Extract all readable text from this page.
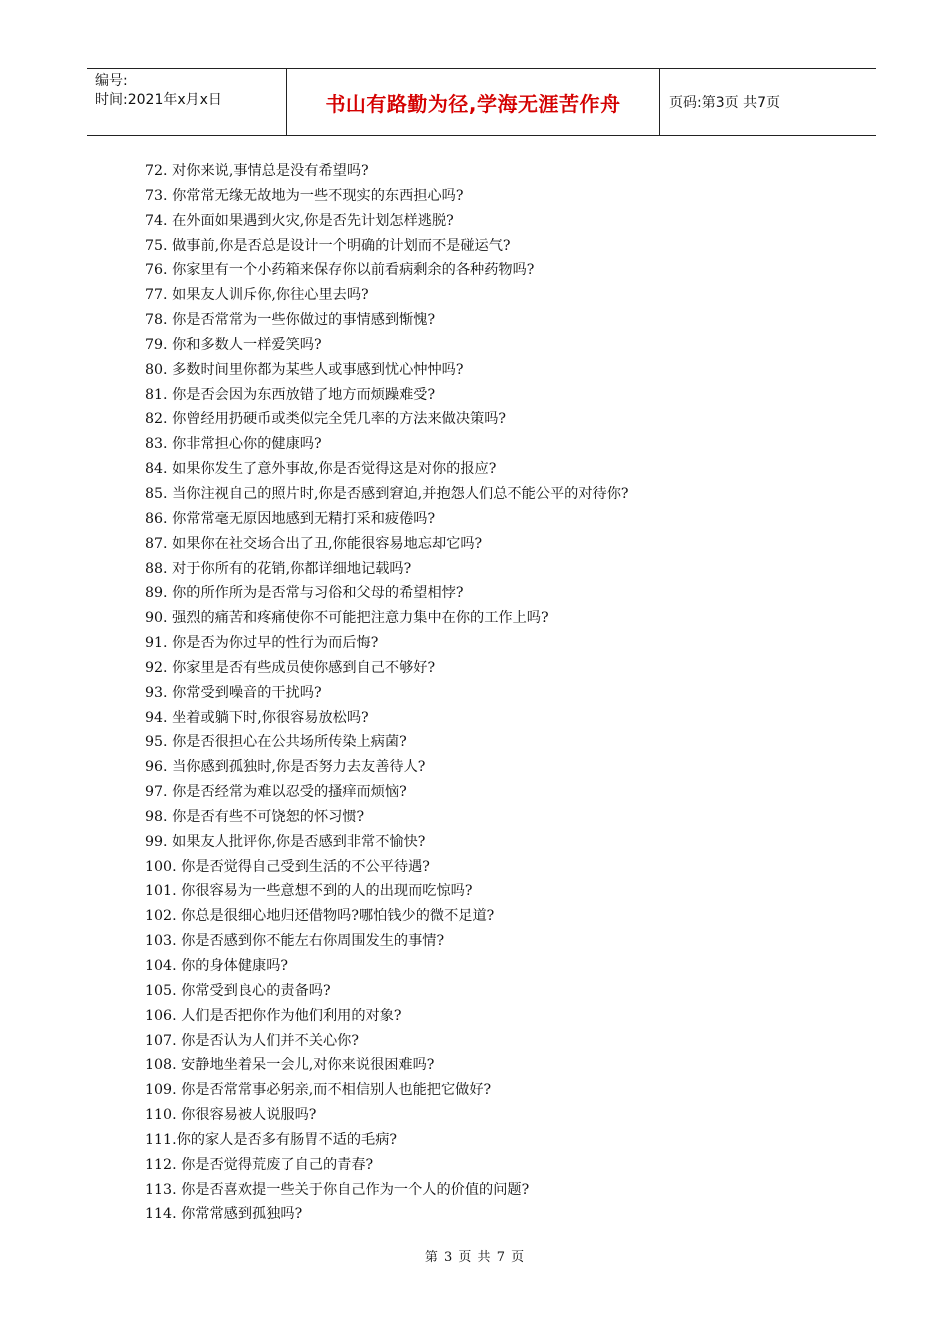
编号:
时间:2021年x月x日	书山有路勤为径,学海无涯苦作舟	页码:第3页 共7页
72. 对你来说,事情总是没有希望吗?
73. 你常常无缘无故地为一些不现实的东西担心吗?
74. 在外面如果遇到火灾,你是否先计划怎样逃脱?
75. 做事前,你是否总是设计一个明确的计划而不是碰运气?
76. 你家里有一个小药箱来保存你以前看病剩余的各种药物吗?
77. 如果友人训斥你,你往心里去吗?
78. 你是否常常为一些你做过的事情感到惭愧?
79. 你和多数人一样爱笑吗?
80. 多数时间里你都为某些人或事感到忧心忡忡吗?
81. 你是否会因为东西放错了地方而烦躁难受?
82. 你曾经用扔硬币或类似完全凭几率的方法来做决策吗?
83. 你非常担心你的健康吗?
84. 如果你发生了意外事故,你是否觉得这是对你的报应?
85. 当你注视自己的照片时,你是否感到窘迫,并抱怨人们总不能公平的对待你?
86. 你常常毫无原因地感到无精打采和疲倦吗?
87. 如果你在社交场合出了丑,你能很容易地忘却它吗?
88. 对于你所有的花销,你都详细地记载吗?
89. 你的所作所为是否常与习俗和父母的希望相悖?
90. 强烈的痛苦和疼痛使你不可能把注意力集中在你的工作上吗?
91. 你是否为你过早的性行为而后悔?
92. 你家里是否有些成员使你感到自己不够好?
93. 你常受到噪音的干扰吗?
94. 坐着或躺下时,你很容易放松吗?
95. 你是否很担心在公共场所传染上病菌?
96. 当你感到孤独时,你是否努力去友善待人?
97. 你是否经常为难以忍受的搔痒而烦恼?
98. 你是否有些不可饶恕的怀习惯?
99. 如果友人批评你,你是否感到非常不愉快?
100. 你是否觉得自己受到生活的不公平待遇?
101. 你很容易为一些意想不到的人的出现而吃惊吗?
102. 你总是很细心地归还借物吗?哪怕钱少的微不足道?
103. 你是否感到你不能左右你周围发生的事情?
104. 你的身体健康吗?
105. 你常受到良心的责备吗?
106. 人们是否把你作为他们利用的对象?
107. 你是否认为人们并不关心你?
108. 安静地坐着呆一会儿,对你来说很困难吗?
109. 你是否常常事必躬亲,而不相信别人也能把它做好?
110. 你很容易被人说服吗?
111.你的家人是否多有肠胃不适的毛病?
112. 你是否觉得荒废了自己的青春?
113. 你是否喜欢提一些关于你自己作为一个人的价值的问题?
114. 你常常感到孤独吗?
第 3 页 共 7 页
